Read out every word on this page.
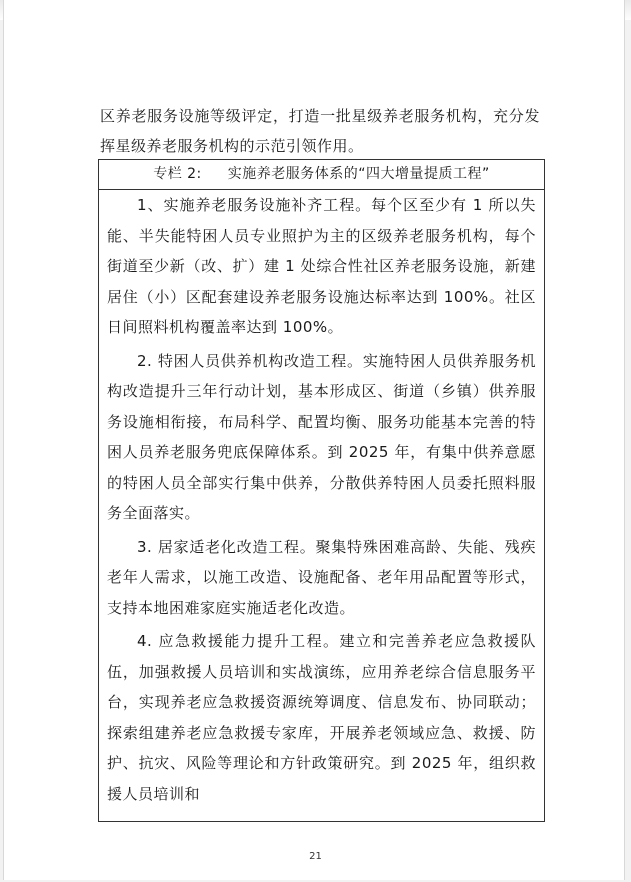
区养老服务设施等级评定，打造一批星级养老服务机构，充分发挥星级养老服务机构的示范引领作用。
专栏 2: 实施养老服务体系的“四大增量提质工程”

1、实施养老服务设施补齐工程。每个区至少有 1 所以失能、半失能特困人员专业照护为主的区级养老服务机构，每个街道至少新（改、扩）建 1 处综合性社区养老服务设施，新建居住（小）区配套建设养老服务设施达标率达到 100%。社区日间照料机构覆盖率达到 100%。

2. 特困人员供养机构改造工程。实施特困人员供养服务机构改造提升三年行动计划，基本形成区、街道（乡镇）供养服务设施相衔接，布局科学、配置均衡、服务功能基本完善的特困人员养老服务兜底保障体系。到 2025 年，有集中供养意愿的特困人员全部实行集中供养，分散供养特困人员委托照料服务全面落实。

3. 居家适老化改造工程。聚集特殊困难高龄、失能、残疾老年人需求，以施工改造、设施配备、老年用品配置等形式，支持本地困难家庭实施适老化改造。

4. 应急救援能力提升工程。建立和完善养老应急救援队伍，加强救援人员培训和实战演练，应用养老综合信息服务平台，实现养老应急救援资源统筹调度、信息发布、协同联动；探索组建养老应急救援专家库，开展养老领域应急、救援、防护、抗灾、风险等理论和方针政策研究。到 2025 年，组织救援人员培训和

21
